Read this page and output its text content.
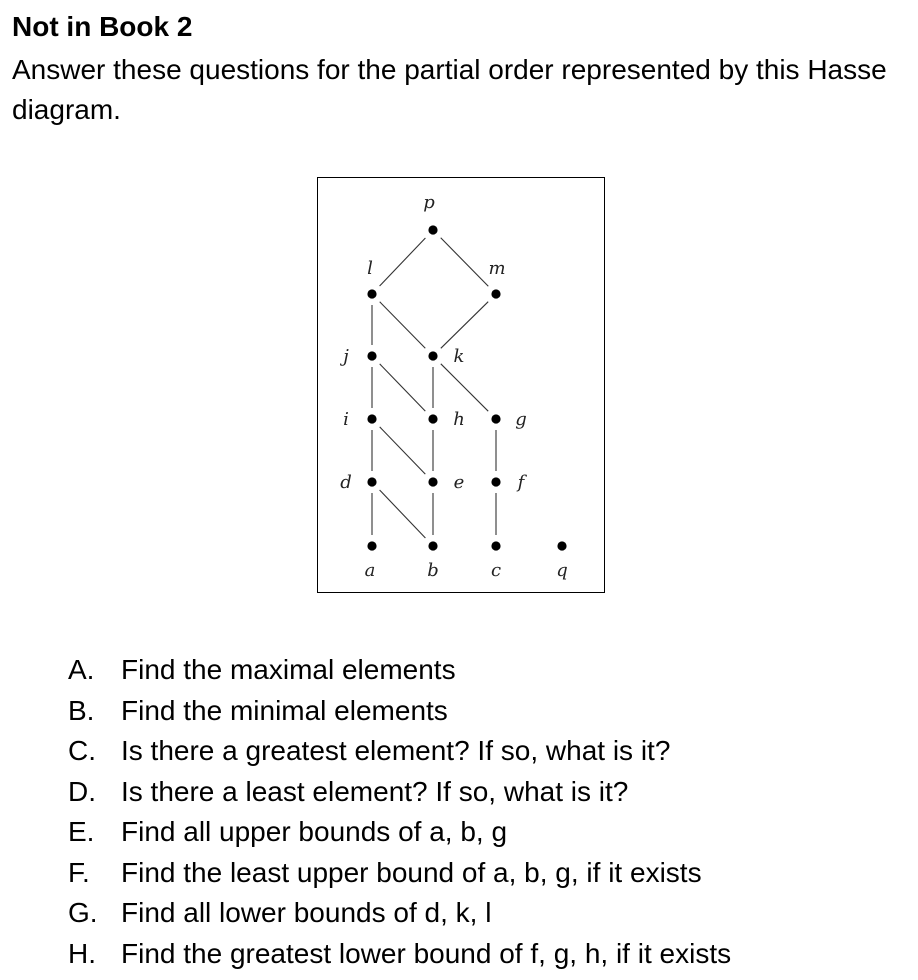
Not in Book 2

Answer these questions for the partial order represented by this Hasse diagram.

p
l	m
j	k
i	h	g
d	e	f
a	b	c	q
A. Find the maximal elements
B. Find the minimal elements
C. Is there a greatest element? If so, what is it?
D. Is there a least element? If so, what is it?
E. Find all upper bounds of a, b, g
F.	Find the least upper bound of a, b, g, if it exists
G. Find all lower bounds of d, k, l
H. Find the greatest lower bound of f, g, h, if it exists
